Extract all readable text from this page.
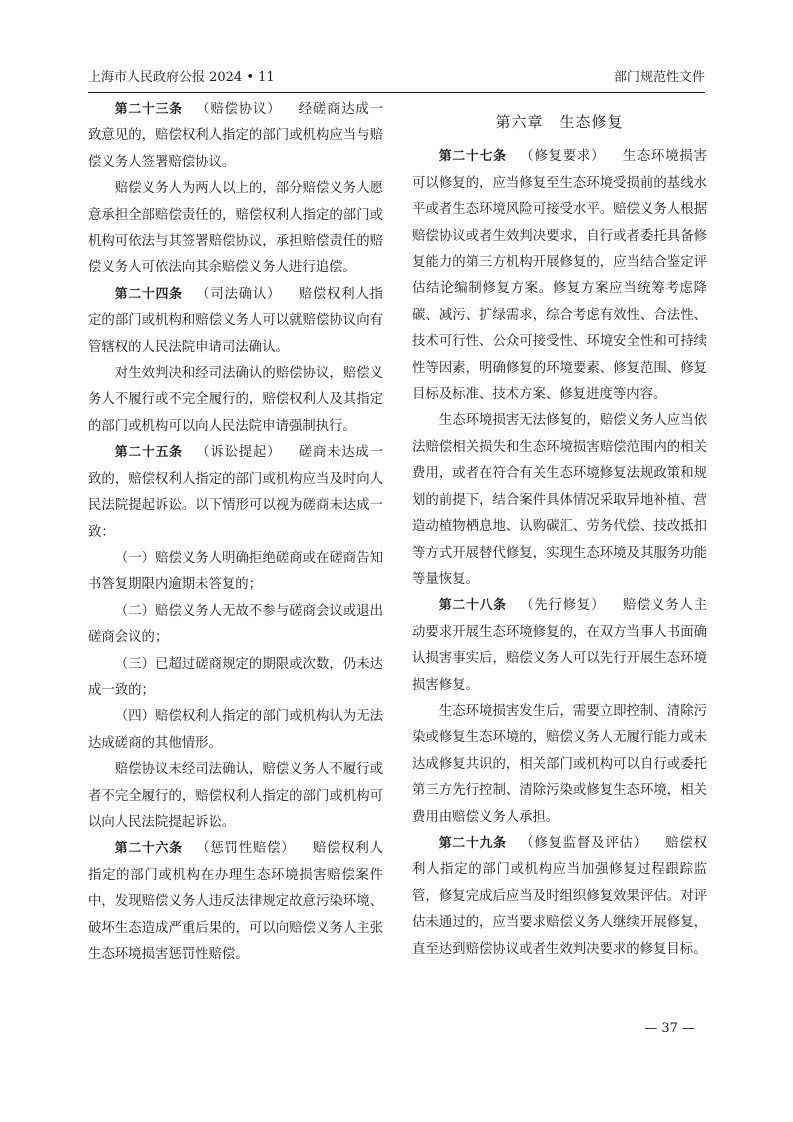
上海市人民政府公报 2024 • 11	部门规范性文件

第二十三条 （赔偿协议） 经磋商达成一致意见的，赔偿权利人指定的部门或机构应当与赔偿义务人签署赔偿协议。

赔偿义务人为两人以上的，部分赔偿义务人愿意承担全部赔偿责任的，赔偿权利人指定的部门或机构可依法与其签署赔偿协议，承担赔偿责任的赔偿义务人可依法向其余赔偿义务人进行追偿。

第二十四条 （司法确认） 赔偿权利人指定的部门或机构和赔偿义务人可以就赔偿协议向有管辖权的人民法院申请司法确认。

对生效判决和经司法确认的赔偿协议，赔偿义务人不履行或不完全履行的，赔偿权利人及其指定的部门或机构可以向人民法院申请强制执行。

第二十五条 （诉讼提起） 磋商未达成一致的，赔偿权利人指定的部门或机构应当及时向人民法院提起诉讼。以下情形可以视为磋商未达成一致：

（一）赔偿义务人明确拒绝磋商或在磋商告知书答复期限内逾期未答复的；

（二）赔偿义务人无故不参与磋商会议或退出磋商会议的；

（三）已超过磋商规定的期限或次数，仍未达成一致的；

（四）赔偿权利人指定的部门或机构认为无法达成磋商的其他情形。

赔偿协议未经司法确认，赔偿义务人不履行或者不完全履行的，赔偿权利人指定的部门或机构可以向人民法院提起诉讼。

第二十六条 （惩罚性赔偿） 赔偿权利人指定的部门或机构在办理生态环境损害赔偿案件中，发现赔偿义务人违反法律规定故意污染环境、破坏生态造成严重后果的，可以向赔偿义务人主张生态环境损害惩罚性赔偿。

第六章　生态修复

第二十七条 （修复要求） 生态环境损害可以修复的，应当修复至生态环境受损前的基线水平或者生态环境风险可接受水平。赔偿义务人根据赔偿协议或者生效判决要求，自行或者委托具备修复能力的第三方机构开展修复的，应当结合鉴定评估结论编制修复方案。修复方案应当统筹考虑降碳、减污、扩绿需求，综合考虑有效性、合法性、技术可行性、公众可接受性、环境安全性和可持续性等因素，明确修复的环境要素、修复范围、修复目标及标准、技术方案、修复进度等内容。

生态环境损害无法修复的，赔偿义务人应当依法赔偿相关损失和生态环境损害赔偿范围内的相关费用，或者在符合有关生态环境修复法规政策和规划的前提下，结合案件具体情况采取异地补植、营造动植物栖息地、认购碳汇、劳务代偿、技改抵扣等方式开展替代修复，实现生态环境及其服务功能等量恢复。

第二十八条 （先行修复） 赔偿义务人主动要求开展生态环境修复的，在双方当事人书面确认损害事实后，赔偿义务人可以先行开展生态环境损害修复。

生态环境损害发生后，需要立即控制、清除污染或修复生态环境的，赔偿义务人无履行能力或未达成修复共识的，相关部门或机构可以自行或委托第三方先行控制、清除污染或修复生态环境，相关费用由赔偿义务人承担。

第二十九条 （修复监督及评估） 赔偿权利人指定的部门或机构应当加强修复过程跟踪监管，修复完成后应当及时组织修复效果评估。对评估未通过的，应当要求赔偿义务人继续开展修复，直至达到赔偿协议或者生效判决要求的修复目标。

— 37 —
